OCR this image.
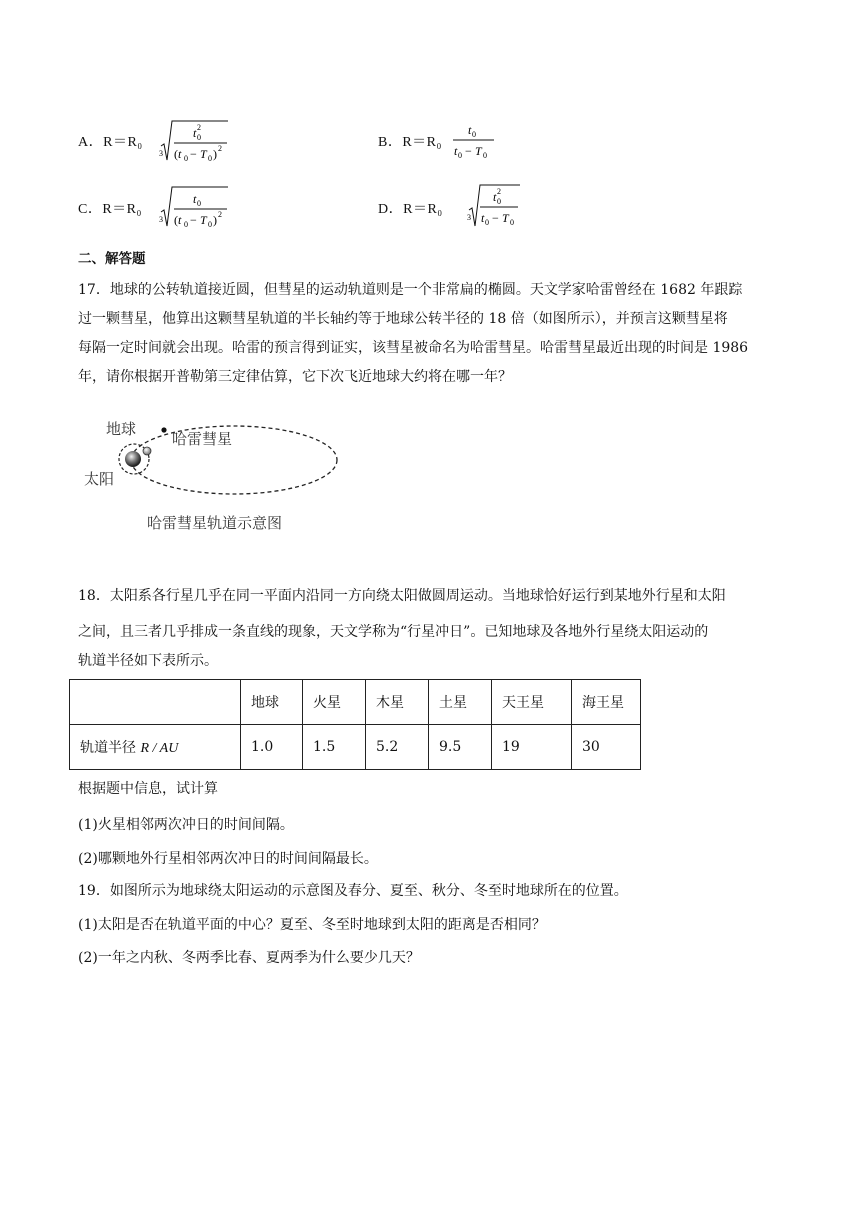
A．R＝R₀
3
t 0
2
(t 0 − T 0 ) 2	B．R＝R₀
t 0
t 0 − T 0
C．R＝R₀
3
t 0
(t 0 − T 0 ) 2	D．R＝R₀
3
t 0
2
t 0 − T 0
二、解答题
17．地球的公转轨道接近圆，但彗星的运动轨道则是一个非常扁的椭圆。天文学家哈雷曾经在 1682 年跟踪
过一颗彗星，他算出这颗彗星轨道的半长轴约等于地球公转半径的 18 倍（如图所示），并预言这颗彗星将
每隔一定时间就会出现。哈雷的预言得到证实，该彗星被命名为哈雷彗星。哈雷彗星最近出现的时间是 1986
年，请你根据开普勒第三定律估算，它下次飞近地球大约将在哪一年？
地球
哈雷彗星
太阳
哈雷彗星轨道示意图
18．太阳系各行星几乎在同一平面内沿同一方向绕太阳做圆周运动。当地球恰好运行到某地外行星和太阳
之间，且三者几乎排成一条直线的现象，天文学称为“行星冲日”。已知地球及各地外行星绕太阳运动的
轨道半径如下表所示。
	地球	火星	木星	土星	天王星	海王星
轨道半径 R / AU	1.0	1.5	5.2	9.5	19	30
根据题中信息，试计算
(1)火星相邻两次冲日的时间间隔。
(2)哪颗地外行星相邻两次冲日的时间间隔最长。
19．如图所示为地球绕太阳运动的示意图及春分、夏至、秋分、冬至时地球所在的位置。
(1)太阳是否在轨道平面的中心？夏至、冬至时地球到太阳的距离是否相同？
(2)一年之内秋、冬两季比春、夏两季为什么要少几天？
